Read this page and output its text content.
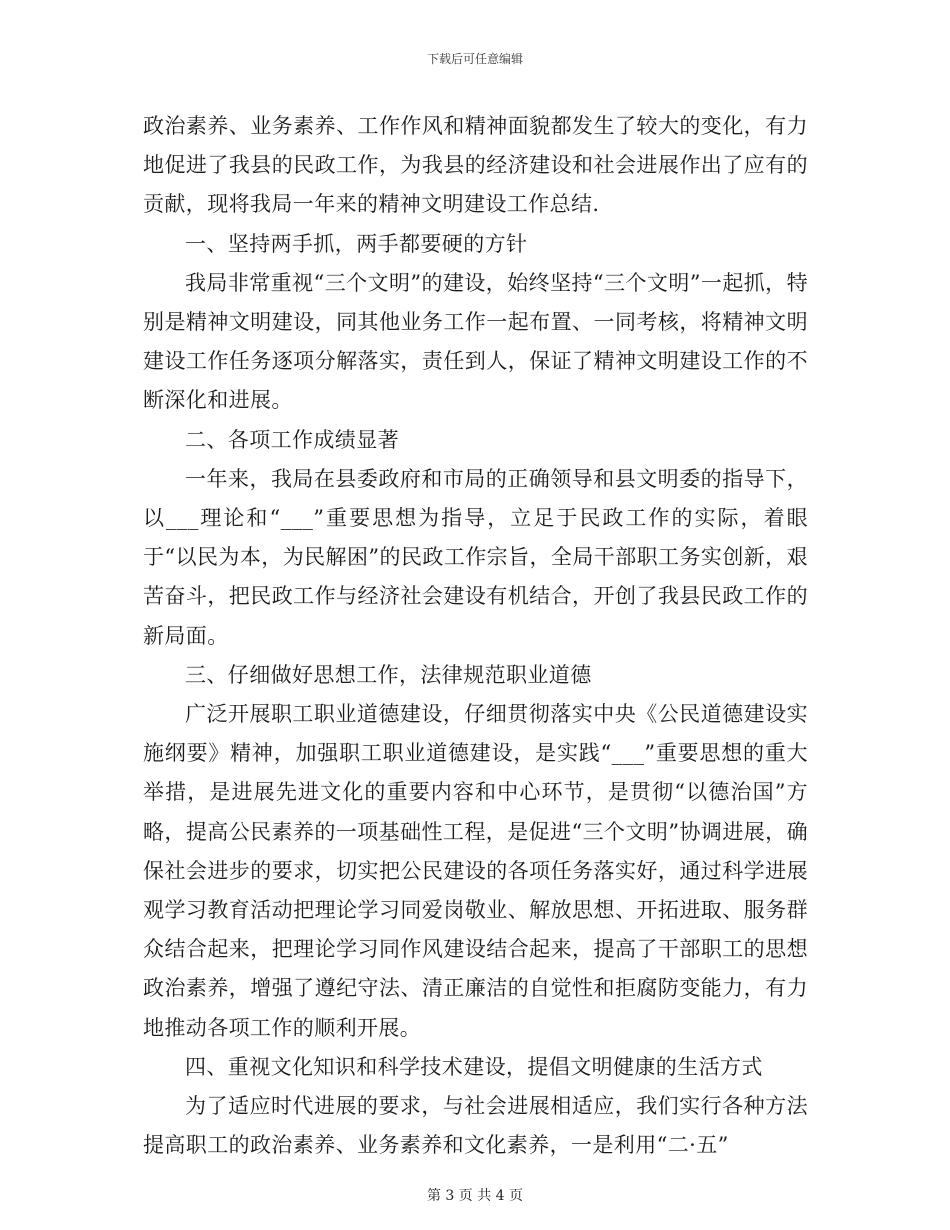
下载后可任意编辑

政治素养、业务素养、工作作风和精神面貌都发生了较大的变化，有力地促进了我县的民政工作，为我县的经济建设和社会进展作出了应有的贡献，现将我局一年来的精神文明建设工作总结.

一、坚持两手抓，两手都要硬的方针

我局非常重视“三个文明”的建设，始终坚持“三个文明”一起抓，特别是精神文明建设，同其他业务工作一起布置、一同考核，将精神文明建设工作任务逐项分解落实，责任到人，保证了精神文明建设工作的不断深化和进展。

二、各项工作成绩显著

一年来，我局在县委政府和市局的正确领导和县文明委的指导下，以___理论和“___”重要思想为指导，立足于民政工作的实际，着眼于“以民为本，为民解困”的民政工作宗旨，全局干部职工务实创新，艰苦奋斗，把民政工作与经济社会建设有机结合，开创了我县民政工作的新局面。

三、仔细做好思想工作，法律规范职业道德

广泛开展职工职业道德建设，仔细贯彻落实中央《公民道德建设实施纲要》精神，加强职工职业道德建设，是实践“___”重要思想的重大举措，是进展先进文化的重要内容和中心环节，是贯彻“以德治国”方略，提高公民素养的一项基础性工程，是促进“三个文明”协调进展，确保社会进步的要求，切实把公民建设的各项任务落实好，通过科学进展观学习教育活动把理论学习同爱岗敬业、解放思想、开拓进取、服务群众结合起来，把理论学习同作风建设结合起来，提高了干部职工的思想政治素养，增强了遵纪守法、清正廉洁的自觉性和拒腐防变能力，有力地推动各项工作的顺利开展。

四、重视文化知识和科学技术建设，提倡文明健康的生活方式

为了适应时代进展的要求，与社会进展相适应，我们实行各种方法提高职工的政治素养、业务素养和文化素养，一是利用“二·五”

第 3 页 共 4 页
